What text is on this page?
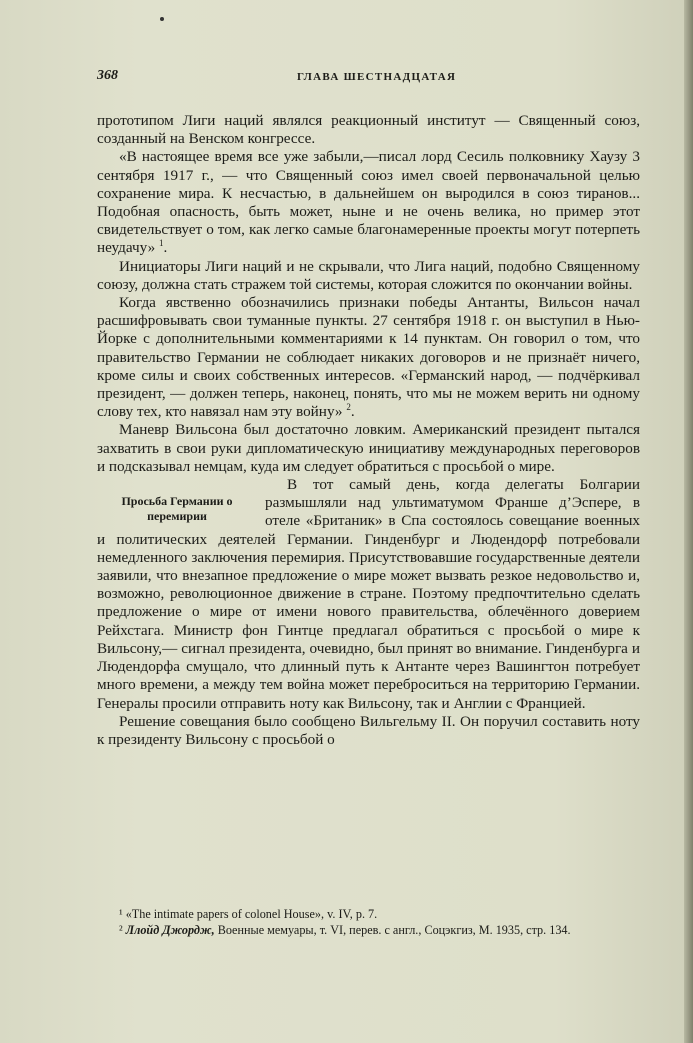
368	ГЛАВА ШЕСТНАДЦАТАЯ

прототипом Лиги наций являлся реакционный институт — Священный союз, созданный на Венском конгрессе.

«В настоящее время все уже забыли,—писал лорд Сесиль полковнику Хаузу 3 сентября 1917 г., — что Священный союз имел своей первоначальной целью сохранение мира. К несчастью, в дальнейшем он выродился в союз тиранов... Подобная опасность, быть может, ныне и не очень велика, но пример этот свидетельствует о том, как легко самые благонамеренные проекты могут потерпеть неудачу» $^1$.

Инициаторы Лиги наций и не скрывали, что Лига наций, подобно Священному союзу, должна стать стражем той системы, которая сложится по окончании войны.

Когда явственно обозначились признаки победы Антанты, Вильсон начал расшифровывать свои туманные пункты. 27 сентября 1918 г. он выступил в Нью-Йорке с дополнительными комментариями к 14 пунктам. Он говорил о том, что правительство Германии не соблюдает никаких договоров и не признаёт ничего, кроме силы и своих собственных интересов. «Германский народ, — подчёркивал президент, — должен теперь, наконец, понять, что мы не можем верить ни одному слову тех, кто навязал нам эту войну» $^2$.

Маневр Вильсона был достаточно ловким. Американский президент пытался захватить в свои руки дипломатическую инициативу международных переговоров и подсказывал немцам, куда им следует обратиться с просьбой о мире.

Просьба Германии о перемирии

В тот самый день, когда делегаты Болгарии размышляли над ультиматумом Франше д’Эспере, в отеле «Британик» в Спа состоялось совещание военных и политических деятелей Германии. Гинденбург и Людендорф потребовали немедленного заключения перемирия. Присутствовавшие государственные деятели заявили, что внезапное предложение о мире может вызвать резкое недовольство и, возможно, революционное движение в стране. Поэтому предпочтительно сделать предложение о мире от имени нового правительства, облечённого доверием Рейхстага. Министр фон Гинтце предлагал обратиться с просьбой о мире к Вильсону,— сигнал президента, очевидно, был принят во внимание. Гинденбурга и Людендорфа смущало, что длинный путь к Антанте через Вашингтон потребует много времени, а между тем война может переброситься на территорию Германии. Генералы просили отправить ноту как Вильсону, так и Англии с Францией.

Решение совещания было сообщено Вильгельму II. Он поручил составить ноту к президенту Вильсону с просьбой о

¹ «The intimate papers of colonel House», v. IV, p. 7.

² Ллойд Джордж, Военные мемуары, т. VI, перев. с англ., Соцэкгиз, М. 1935, стр. 134.
